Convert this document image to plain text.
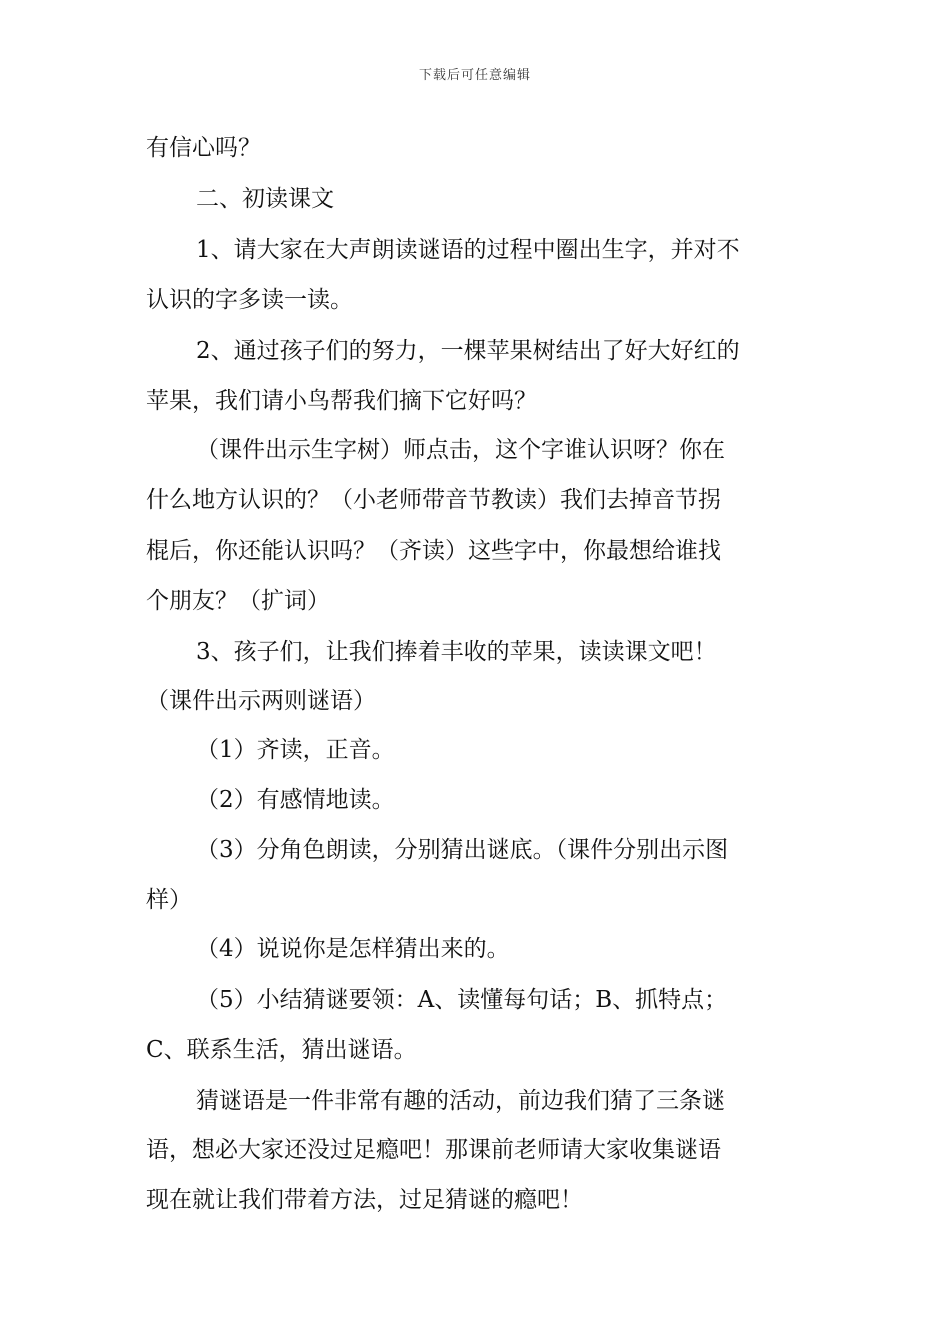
下载后可任意编辑
有信心吗？
二、初读课文
1、请大家在大声朗读谜语的过程中圈出生字，并对不
认识的字多读一读。
2、通过孩子们的努力，一棵苹果树结出了好大好红的
苹果，我们请小鸟帮我们摘下它好吗？
（课件出示生字树）师点击，这个字谁认识呀？你在
什么地方认识的？（小老师带音节教读）我们去掉音节拐
棍后，你还能认识吗？（齐读）这些字中，你最想给谁找
个朋友？（扩词）
3、孩子们，让我们捧着丰收的苹果，读读课文吧！
（课件出示两则谜语）
（1）齐读，正音。
（2）有感情地读。
（3）分角色朗读，分别猜出谜底。（课件分别出示图
样）
（4）说说你是怎样猜出来的。
（5）小结猜谜要领：A、读懂每句话；B、抓特点；
C、联系生活，猜出谜语。
猜谜语是一件非常有趣的活动，前边我们猜了三条谜
语，想必大家还没过足瘾吧！那课前老师请大家收集谜语
现在就让我们带着方法，过足猜谜的瘾吧！
